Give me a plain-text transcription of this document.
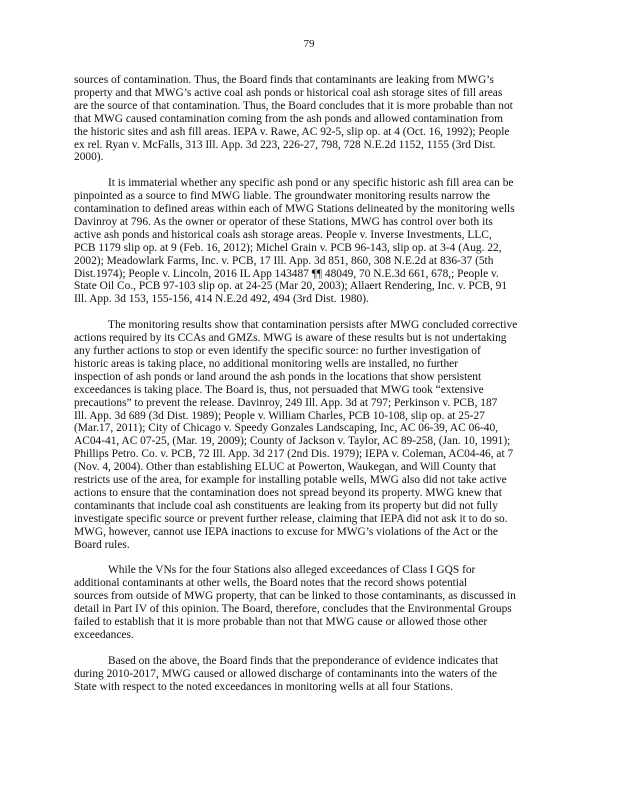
79
sources of contamination. Thus, the Board finds that contaminants are leaking from MWG’s
property and that MWG’s active coal ash ponds or historical coal ash storage sites of fill areas
are the source of that contamination. Thus, the Board concludes that it is more probable than not
that MWG caused contamination coming from the ash ponds and allowed contamination from
the historic sites and ash fill areas. IEPA v. Rawe, AC 92-5, slip op. at 4 (Oct. 16, 1992); People
ex rel. Ryan v. McFalls, 313 Ill. App. 3d 223, 226-27, 798, 728 N.E.2d 1152, 1155 (3rd Dist.
2000).
It is immaterial whether any specific ash pond or any specific historic ash fill area can be
pinpointed as a source to find MWG liable. The groundwater monitoring results narrow the
contamination to defined areas within each of MWG Stations delineated by the monitoring wells
Davinroy at 796. As the owner or operator of these Stations, MWG has control over both its
active ash ponds and historical coals ash storage areas. People v. Inverse Investments, LLC,
PCB 1179 slip op. at 9 (Feb. 16, 2012); Michel Grain v. PCB 96-143, slip op. at 3-4 (Aug. 22,
2002); Meadowlark Farms, Inc. v. PCB, 17 Ill. App. 3d 851, 860, 308 N.E.2d at 836-37 (5th
Dist.1974); People v. Lincoln, 2016 IL App 143487 ¶¶ 48049, 70 N.E.3d 661, 678,; People v.
State Oil Co., PCB 97-103 slip op. at 24-25 (Mar 20, 2003); Allaert Rendering, Inc. v. PCB, 91
Ill. App. 3d 153, 155-156, 414 N.E.2d 492, 494 (3rd Dist. 1980).
The monitoring results show that contamination persists after MWG concluded corrective
actions required by its CCAs and GMZs. MWG is aware of these results but is not undertaking
any further actions to stop or even identify the specific source: no further investigation of
historic areas is taking place, no additional monitoring wells are installed, no further
inspection of ash ponds or land around the ash ponds in the locations that show persistent
exceedances is taking place. The Board is, thus, not persuaded that MWG took “extensive
precautions” to prevent the release. Davinroy, 249 Ill. App. 3d at 797; Perkinson v. PCB, 187
Ill. App. 3d 689 (3d Dist. 1989); People v. William Charles, PCB 10-108, slip op. at 25-27
(Mar.17, 2011); City of Chicago v. Speedy Gonzales Landscaping, Inc, AC 06-39, AC 06-40,
AC04-41, AC 07-25, (Mar. 19, 2009); County of Jackson v. Taylor, AC 89-258, (Jan. 10, 1991);
Phillips Petro. Co. v. PCB, 72 Ill. App. 3d 217 (2nd Dis. 1979); IEPA v. Coleman, AC04-46, at 7
(Nov. 4, 2004). Other than establishing ELUC at Powerton, Waukegan, and Will County that
restricts use of the area, for example for installing potable wells, MWG also did not take active
actions to ensure that the contamination does not spread beyond its property. MWG knew that
contaminants that include coal ash constituents are leaking from its property but did not fully
investigate specific source or prevent further release, claiming that IEPA did not ask it to do so.
MWG, however, cannot use IEPA inactions to excuse for MWG’s violations of the Act or the
Board rules.
While the VNs for the four Stations also alleged exceedances of Class I GQS for
additional contaminants at other wells, the Board notes that the record shows potential
sources from outside of MWG property, that can be linked to those contaminants, as discussed in
detail in Part IV of this opinion. The Board, therefore, concludes that the Environmental Groups
failed to establish that it is more probable than not that MWG cause or allowed those other
exceedances.
Based on the above, the Board finds that the preponderance of evidence indicates that
during 2010-2017, MWG caused or allowed discharge of contaminants into the waters of the
State with respect to the noted exceedances in monitoring wells at all four Stations.
